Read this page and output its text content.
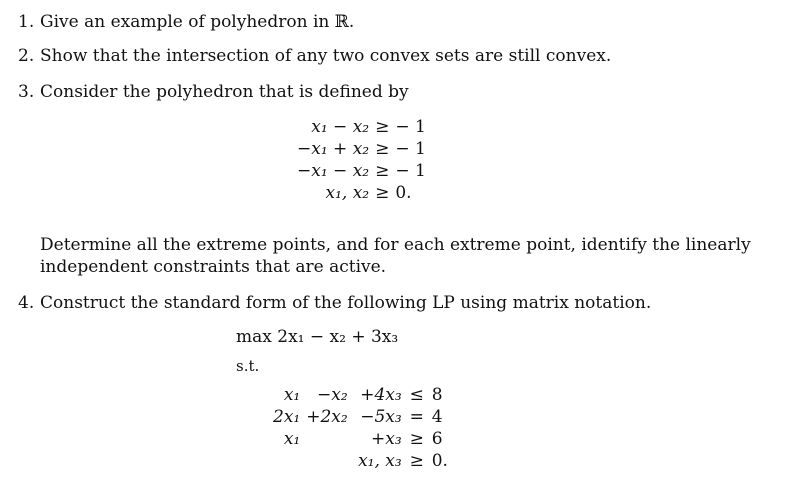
1. Give an example of polyhedron in ℝ.
2. Show that the intersection of any two convex sets are still convex.
3. Consider the polyhedron that is defined by
x₁ − x₂	≥	− 1
−x₁ + x₂	≥	− 1
−x₁ − x₂	≥	− 1
x₁, x₂	≥	0.
Determine all the extreme points, and for each extreme point, identify the linearly
independent constraints that are active.
4. Construct the standard form of the following LP using matrix notation.
max 2x₁ − x₂ + 3x₃
s.t.
x₁	−x₂	+4x₃	≤	8
2x₁	+2x₂	−5x₃	=	4
x₁		+x₃	≥	6
		x₁, x₃	≥	0.
